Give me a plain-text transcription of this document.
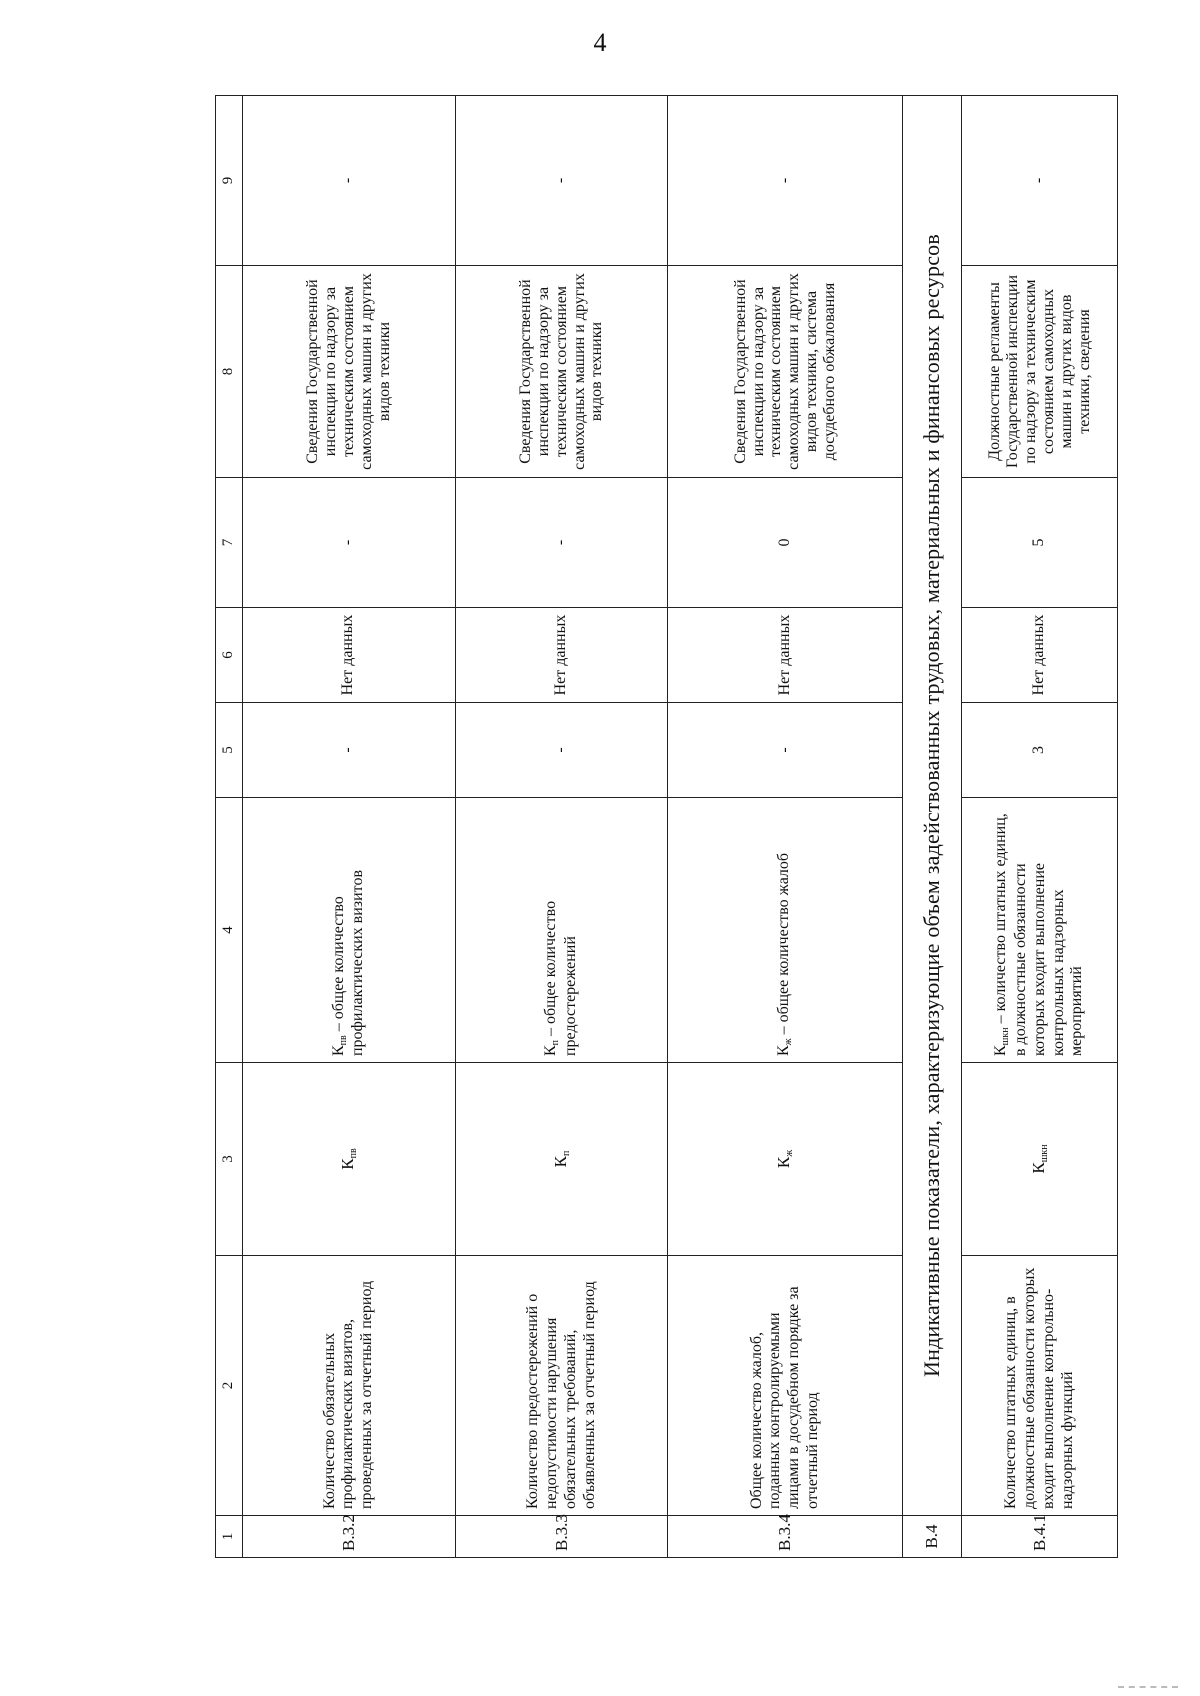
4
1	2	3	4	5	6	7	8	9
В.3.2	Количество обязательных профилактических визитов, проведенных за отчетный период	$К_{пв}$	$К_{пв}$ – общее количество профилактических визитов	-	Нет данных	-	Сведения Государственной инспекции по надзору за техническим состоянием самоходных машин и других видов техники	-
В.3.3	Количество предостережений о недопустимости нарушения обязательных требований, объявленных за отчетный период	$К_п$	$К_п$ – общее количество предостережений	-	Нет данных	-	Сведения Государственной инспекции по надзору за техническим состоянием самоходных машин и других видов техники	-
В.3.4	Общее количество жалоб, поданных контролируемыми лицами в досудебном порядке за отчетный период	$К_ж$	$К_ж$ – общее количество жалоб	-	Нет данных	0	Сведения Государственной инспекции по надзору за техническим состоянием самоходных машин и других видов техники, система досудебного обжалования	-
В.4	Индикативные показатели, характеризующие объем задействованных трудовых, материальных и финансовых ресурсов							
В.4.1	Количество штатных единиц, в должностные обязанности которых входит выполнение контрольно-надзорных функций	$К_{шкн}$	$К_{шкн}$ – количество штатных единиц, в должностные обязанности которых входит выполнение контрольных надзорных мероприятий	3	Нет данных	5	Должностные регламенты Государственной инспекции по надзору за техническим состоянием самоходных машин и других видов техники, сведения	-
